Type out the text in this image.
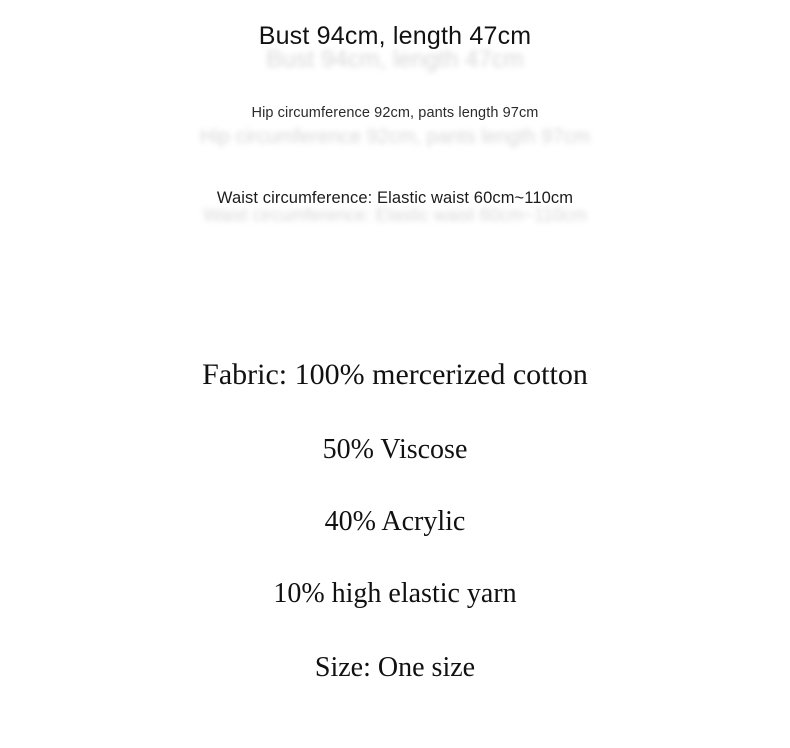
Bust 94cm, length 47cm
Hip circumference 92cm, pants length 97cm
Waist circumference: Elastic waist 60cm~110cm
Bust 94cm, length 47cm
Hip circumference 92cm, pants length 97cm
Waist circumference: Elastic waist 60cm~110cm
Fabric: 100% mercerized cotton
50% Viscose
40% Acrylic
10% high elastic yarn
Size: One size
